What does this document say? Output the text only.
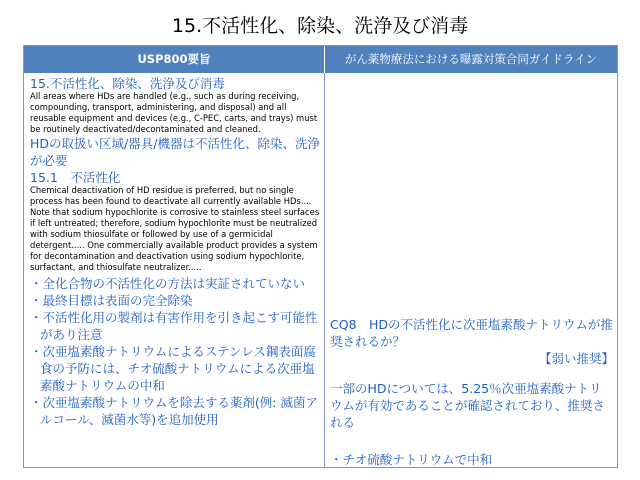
15.不活性化、除染、洗浄及び消毒
USP800要旨	がん薬物療法における曝露対策合同ガイドライン
15.不活性化、除染、洗浄及び消毒
All areas where HDs are handled (e.g., such as during receiving, compounding, transport, administering, and disposal) and all reusable equipment and devices (e.g., C-PEC, carts, and trays) must be routinely deactivated/decontaminated and cleaned.
HDの取扱い区域/器具/機器は不活性化、除染、洗浄が必要
15.1　不活性化
Chemical deactivation of HD residue is preferred, but no single process has been found to deactivate all currently available HDs.... Note that sodium hypochlorite is corrosive to stainless steel surfaces if left untreated; therefore, sodium hypochlorite must be neutralized with sodium thiosulfate or followed by use of a germicidal detergent..... One commercially available product provides a system for decontamination and deactivation using sodium hypochlorite, surfactant, and thiosulfate neutralizer.....
・全化合物の不活性化の方法は実証されていない
・最終目標は表面の完全除染
・不活性化用の製剤は有害作用を引き起こす可能性があり注意
・次亜塩素酸ナトリウムによるステンレス鋼表面腐食の予防には、チオ硫酸ナトリウムによる次亜塩素酸ナトリウムの中和
・次亜塩素酸ナトリウムを除去する薬剤(例: 滅菌アルコール、滅菌水等)を追加使用
CQ8　HDの不活性化に次亜塩素酸ナトリウムが推奨されるか？
【弱い推奨】
一部のHDについては、5.25％次亜塩素酸ナトリウムが有効であることが確認されており、推奨される
・チオ硫酸ナトリウムで中和
